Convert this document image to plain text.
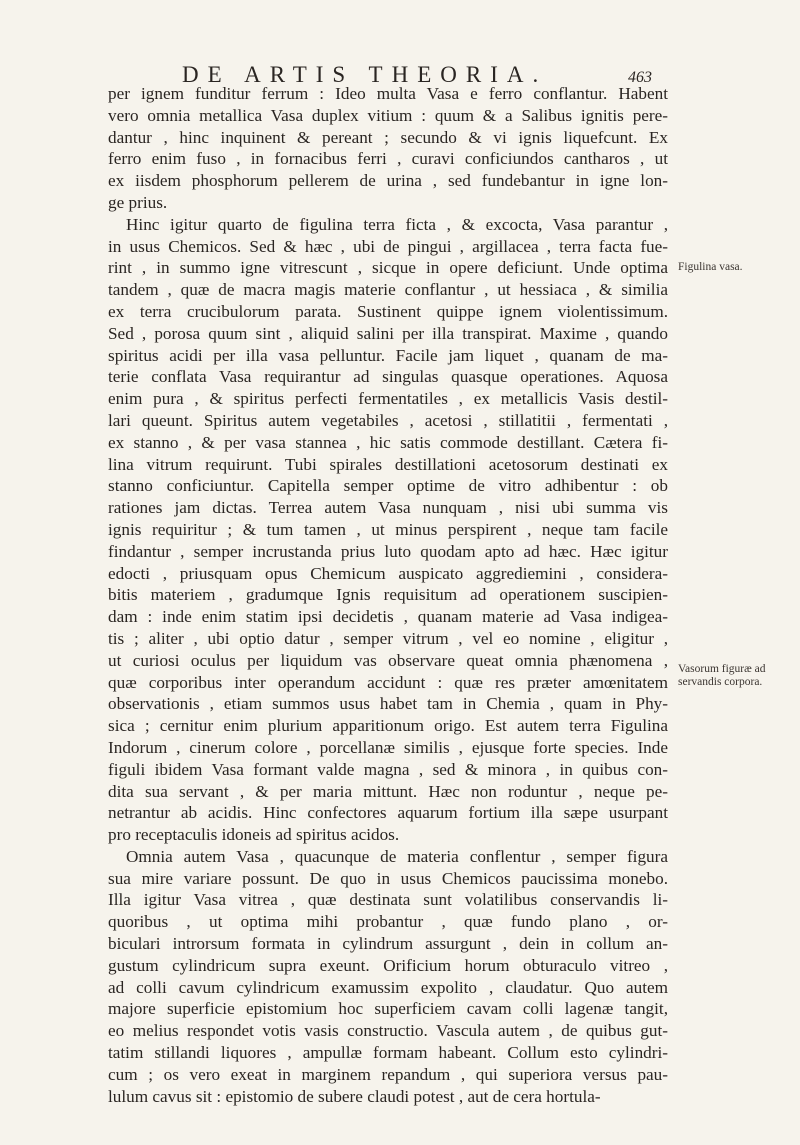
DE ARTIS THEORIA.	463
per ignem funditur ferrum : Ideo multa Vasa e ferro conflantur. Habent
vero omnia metallica Vasa duplex vitium : quum & a Salibus ignitis pere-
dantur , hinc inquinent & pereant ; secundo & vi ignis liquefcunt. Ex
ferro enim fuso , in fornacibus ferri , curavi conficiundos cantharos , ut
ex iisdem phosphorum pellerem de urina , sed fundebantur in igne lon-
ge prius.
Hinc igitur quarto de figulina terra ficta , & excocta, Vasa parantur ,
in usus Chemicos. Sed & hæc , ubi de pingui , argillacea , terra facta fue-
rint , in summo igne vitrescunt , sicque in opere deficiunt. Unde optima
tandem , quæ de macra magis materie conflantur , ut hessiaca , & similia
ex terra crucibulorum parata. Sustinent quippe ignem violentissimum.
Sed , porosa quum sint , aliquid salini per illa transpirat. Maxime , quando
spiritus acidi per illa vasa pelluntur. Facile jam liquet , quanam de ma-
terie conflata Vasa requirantur ad singulas quasque operationes. Aquosa
enim pura , & spiritus perfecti fermentatiles , ex metallicis Vasis destil-
lari queunt. Spiritus autem vegetabiles , acetosi , stillatitii , fermentati ,
ex stanno , & per vasa stannea , hic satis commode destillant. Cætera fi-
lina vitrum requirunt. Tubi spirales destillationi acetosorum destinati ex
stanno conficiuntur. Capitella semper optime de vitro adhibentur : ob
rationes jam dictas. Terrea autem Vasa nunquam , nisi ubi summa vis
ignis requiritur ; & tum tamen , ut minus perspirent , neque tam facile
findantur , semper incrustanda prius luto quodam apto ad hæc. Hæc igitur
edocti , priusquam opus Chemicum auspicato aggrediemini , considera-
bitis materiem , gradumque Ignis requisitum ad operationem suscipien-
dam : inde enim statim ipsi decidetis , quanam materie ad Vasa indigea-
tis ; aliter , ubi optio datur , semper vitrum , vel eo nomine , eligitur ,
ut curiosi oculus per liquidum vas observare queat omnia phænomena ,
quæ corporibus inter operandum accidunt : quæ res præter amœnitatem
observationis , etiam summos usus habet tam in Chemia , quam in Phy-
sica ; cernitur enim plurium apparitionum origo. Est autem terra Figulina
Indorum , cinerum colore , porcellanæ similis , ejusque forte species. Inde
figuli ibidem Vasa formant valde magna , sed & minora , in quibus con-
dita sua servant , & per maria mittunt. Hæc non roduntur , neque pe-
netrantur ab acidis. Hinc confectores aquarum fortium illa sæpe usurpant
pro receptaculis idoneis ad spiritus acidos.
Omnia autem Vasa , quacunque de materia conflentur , semper figura
sua mire variare possunt. De quo in usus Chemicos paucissima monebo.
Illa igitur Vasa vitrea , quæ destinata sunt volatilibus conservandis li-
quoribus , ut optima mihi probantur , quæ fundo plano , or-
biculari introrsum formata in cylindrum assurgunt , dein in collum an-
gustum cylindricum supra exeunt. Orificium horum obturaculo vitreo ,
ad colli cavum cylindricum examussim expolito , claudatur. Quo autem
majore superficie epistomium hoc superficiem cavam colli lagenæ tangit,
eo melius respondet votis vasis constructio. Vascula autem , de quibus gut-
tatim stillandi liquores , ampullæ formam habeant. Collum esto cylindri-
cum ; os vero exeat in marginem repandum , qui superiora versus pau-
lulum cavus sit : epistomio de subere claudi potest , aut de cera hortula-
Figulina vasa.
Vasorum figuræ ad servandis corpora.
